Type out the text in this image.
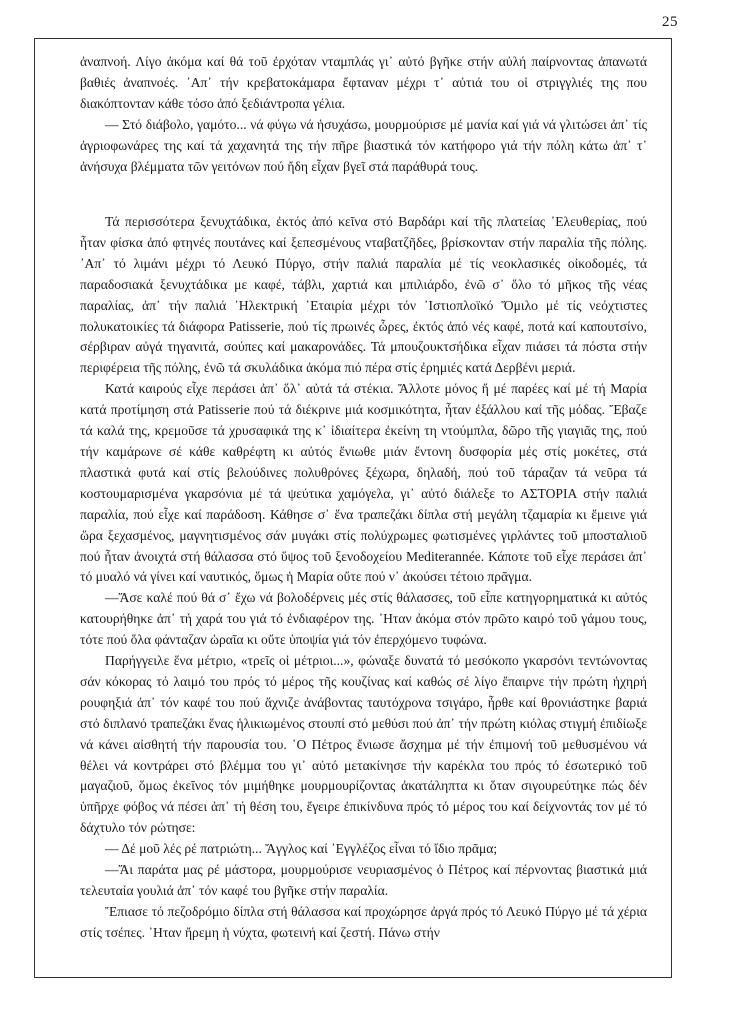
25

ἀναπνοή. Λίγο ἀκόμα καί θά τοῦ ἐρχόταν νταμπλάς γι᾽ αὐτό βγῆκε στήν αὐλή παίρνοντας ἀπανωτά βαθιές ἀναπνοές. ᾽Απ᾽ τήν κρεβατοκάμαρα ἔφταναν μέχρι τ᾽ αὐτιά του οἱ στριγγλιές της που διακόπτονταν κάθε τόσο ἀπό ξεδιάντροπα γέλια.

— Στό διάβολο, γαμότο... νά φύγω νά ἡσυχάσω, μουρμούρισε μέ μανία καί γιά νά γλιτώσει ἀπ᾽ τίς ἀγριοφωνάρες της καί τά χαχανητά της τήν πῆρε βιαστικά τόν κατήφορο γιά τήν πόλη κάτω ἀπ᾽ τ᾽ ἀνήσυχα βλέμματα τῶν γειτόνων πού ἤδη εἶχαν βγεῖ στά παράθυρά τους.

Τά περισσότερα ξενυχτάδικα, ἐκτός ἀπό κεῖνα στό Βαρδάρι καί τῆς πλατείας ᾽Ελευθερίας, πού ἦταν φίσκα ἀπό φτηνές πουτάνες καί ξεπεσμένους νταβατζῆδες, βρίσκονταν στήν παραλία τῆς πόλης. ᾽Απ᾽ τό λιμάνι μέχρι τό Λευκό Πύργο, στήν παλιά παραλία μέ τίς νεοκλασικές οἰκοδομές, τά παραδοσιακά ξενυχτάδικα με καφέ, τάβλι, χαρτιά και μπιλιάρδο, ἐνῶ σ᾽ ὅλο τό μῆκος τῆς νέας παραλίας, ἀπ᾽ τήν παλιά ᾽Ηλεκτρική ῾Εταιρία μέχρι τόν ᾽Ιστιοπλοϊκό Ὅμιλο μέ τίς νεόχτιστες πολυκατοικίες τά διάφορα Patisserie, πού τίς πρωινές ὧρες, ἐκτός ἀπό νές καφέ, ποτά καί καπουτσίνο, σέρβιραν αὐγά τηγανιτά, σούπες καί μακαρονάδες. Τά μπουζουκτσήδικα εἶχαν πιάσει τά πόστα στήν περιφέρεια τῆς πόλης, ἐνῶ τά σκυλάδικα ἀκόμα πιό πέρα στίς ἐρημιές κατά Δερβένι μεριά.

Κατά καιρούς εἶχε περάσει ἀπ᾽ ὅλ᾽ αὐτά τά στέκια. Ἄλλοτε μόνος ἤ μέ παρέες καί μέ τή Μαρία κατά προτίμηση στά Patisserie πού τά διέκρινε μιά κοσμικότητα, ἦταν ἐξάλλου καί τῆς μόδας. Ἔβαζε τά καλά της, κρεμοῦσε τά χρυσαφικά της κ᾽ ἰδιαίτερα ἐκείνη τη ντούμπλα, δῶρο τῆς γιαγιᾶς της, πού τήν καμάρωνε σέ κάθε καθρέφτη κι αὐτός ἔνιωθε μιάν ἔντονη δυσφορία μές στίς μοκέτες, στά πλαστικά φυτά καί στίς βελούδινες πολυθρόνες ξέχωρα, δηλαδή, πού τοῦ τάραζαν τά νεῦρα τά κοστουμαρισμένα γκαρσόνια μέ τά ψεύτικα χαμόγελα, γι᾽ αὐτό διάλεξε το ΑΣΤΟΡΙΑ στήν παλιά παραλία, πού εἶχε καί παράδοση. Κάθησε σ᾽ ἕνα τραπεζάκι δίπλα στή μεγάλη τζαμαρία κι ἔμεινε γιά ὥρα ξεχασμένος, μαγνητισμένος σάν μυγάκι στίς πολύχρωμες φωτισμένες γιρλάντες τοῦ μποσταλιοῦ πού ἦταν ἀνοιχτά στή θάλασσα στό ὕψος τοῦ ξενοδοχείου Mediterannée. Κάποτε τοῦ εἶχε περάσει ἀπ᾽ τό μυαλό νά γίνει καί ναυτικός, ὅμως ἡ Μαρία οὔτε πού ν᾽ ἀκούσει τέτοιο πρᾶγμα.

—Ἄσε καλέ πού θά σ᾽ ἔχω νά βολοδέρνεις μές στίς θάλασσες, τοῦ εἶπε κατηγορηματικά κι αὐτός κατουρήθηκε ἀπ᾽ τή χαρά του γιά τό ἐνδιαφέρον της. ᾽Ηταν ἀκόμα στόν πρῶτο καιρό τοῦ γάμου τους, τότε πού ὅλα φάνταζαν ὡραῖα κι οὔτε ὑποψία γιά τόν ἐπερχόμενο τυφώνα.

Παρήγγειλε ἕνα μέτριο, «τρεῖς οἱ μέτριοι...», φώναξε δυνατά τό μεσόκοπο γκαρσόνι τεντώνοντας σάν κόκορας τό λαιμό του πρός τό μέρος τῆς κουζίνας καί καθώς σέ λίγο ἔπαιρνε τήν πρώτη ἠχηρή ρουφηξιά ἀπ᾽ τόν καφέ του πού ἄχνιζε ἀνάβοντας ταυτόχρονα τσιγάρο, ἦρθε καί θρονιάστηκε βαριά στό διπλανό τραπεζάκι ἕνας ἡλικιωμένος στουπί στό μεθύσι πού ἀπ᾽ τήν πρώτη κιόλας στιγμή ἐπιδίωξε νά κάνει αἰσθητή τήν παρουσία του. ῾Ο Πέτρος ἔνιωσε ἄσχημα μέ τήν ἐπιμονή τοῦ μεθυσμένου νά θέλει νά κοντράρει στό βλέμμα του γι᾽ αὐτό μετακίνησε τήν καρέκλα του πρός τό ἐσωτερικό τοῦ μαγαζιοῦ, ὅμως ἐκεῖνος τόν μιμήθηκε μουρμουρίζοντας ἀκατάληπτα κι ὅταν σιγουρεύτηκε πώς δέν ὑπῆρχε φόβος νά πέσει ἀπ᾽ τή θέση του, ἔγειρε ἐπικίνδυνα πρός τό μέρος του καί δείχνοντάς τον μέ τό δάχτυλο τόν ρώτησε:

— Δέ μοῦ λές ρέ πατριώτη... Ἄγγλος καί ᾽Εγγλέζος εἶναι τό ἴδιο πρᾶμα;

—Ἄι παράτα μας ρέ μάστορα, μουρμούρισε νευριασμένος ὁ Πέτρος καί πέρνοντας βιαστικά μιά τελευταία γουλιά ἀπ᾽ τόν καφέ του βγῆκε στήν παραλία.

Ἔπιασε τό πεζοδρόμιο δίπλα στή θάλασσα καί προχώρησε ἀργά πρός τό Λευκό Πύργο μέ τά χέρια στίς τσέπες. ᾽Ηταν ἤρεμη ἡ νύχτα, φωτεινή καί ζεστή. Πάνω στήν
